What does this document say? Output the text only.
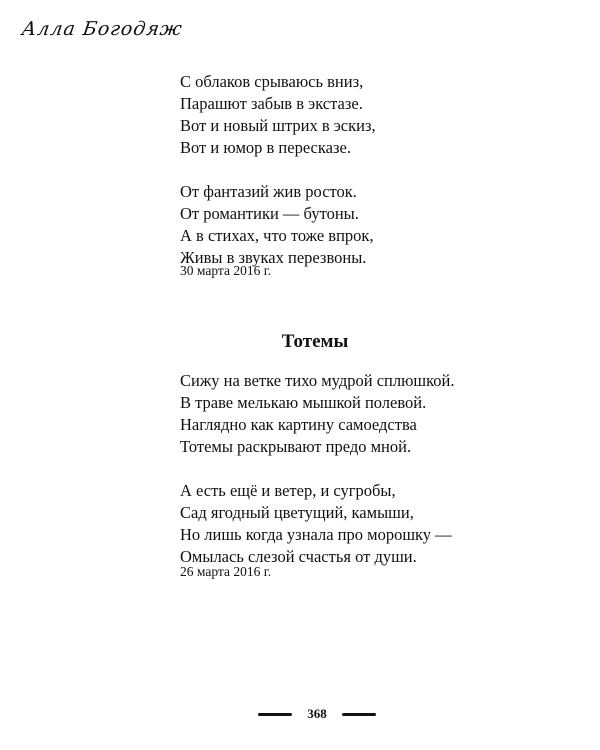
Алла Богодяж

С облаков срываюсь вниз,
Парашют забыв в экстазе.
Вот и новый штрих в эскиз,
Вот и юмор в пересказе.

От фантазий жив росток.
От романтики — бутоны.
А в стихах, что тоже впрок,
Живы в звуках перезвоны.

30 марта 2016 г.
Тотемы

Сижу на ветке тихо мудрой сплюшкой.
В траве мелькаю мышкой полевой.
Наглядно как картину самоедства
Тотемы раскрывают предо мной.

А есть ещё и ветер, и сугробы,
Сад ягодный цветущий, камыши,
Но лишь когда узнала про морошку —
Омылась слезой счастья от души.

26 марта 2016 г.
368
